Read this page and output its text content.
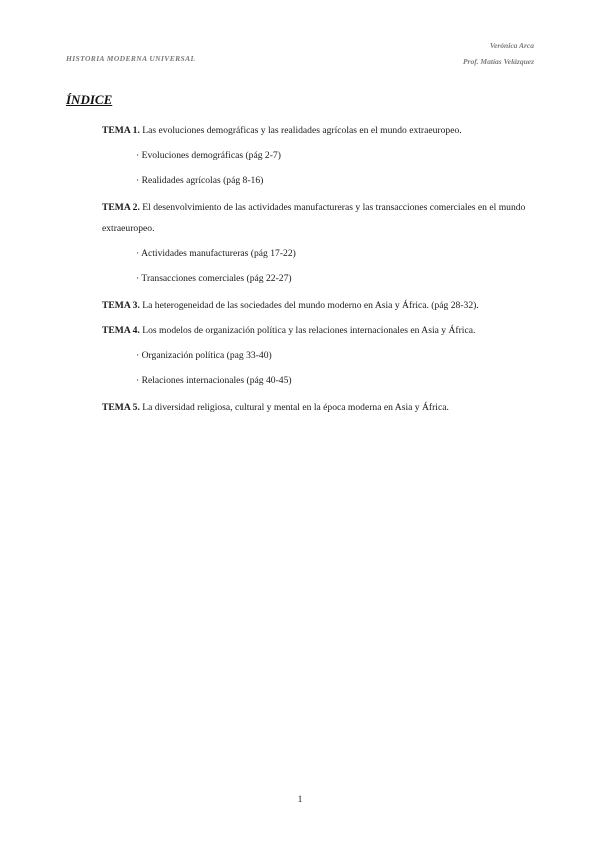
HISTORIA MODERNA UNIVERSAL
Verónica Arca
Prof. Matías Velázquez
ÍNDICE

TEMA 1. Las evoluciones demográficas y las realidades agrícolas en el mundo extraeuropeo.

· Evoluciones demográficas (pág 2-7)
· Realidades agrícolas (pág 8-16)

TEMA 2. El desenvolvimiento de las actividades manufactureras y las transacciones comerciales en el mundo extraeuropeo.

· Actividades manufactureras (pág 17-22)
· Transacciones comerciales (pág 22-27)

TEMA 3. La heterogeneidad de las sociedades del mundo moderno en Asia y África. (pág 28-32).

TEMA 4. Los modelos de organización política y las relaciones internacionales en Asia y África.

· Organización política (pag 33-40)
· Relaciones internacionales (pág 40-45)

TEMA 5. La diversidad religiosa, cultural y mental en la época moderna en Asia y África.

1
